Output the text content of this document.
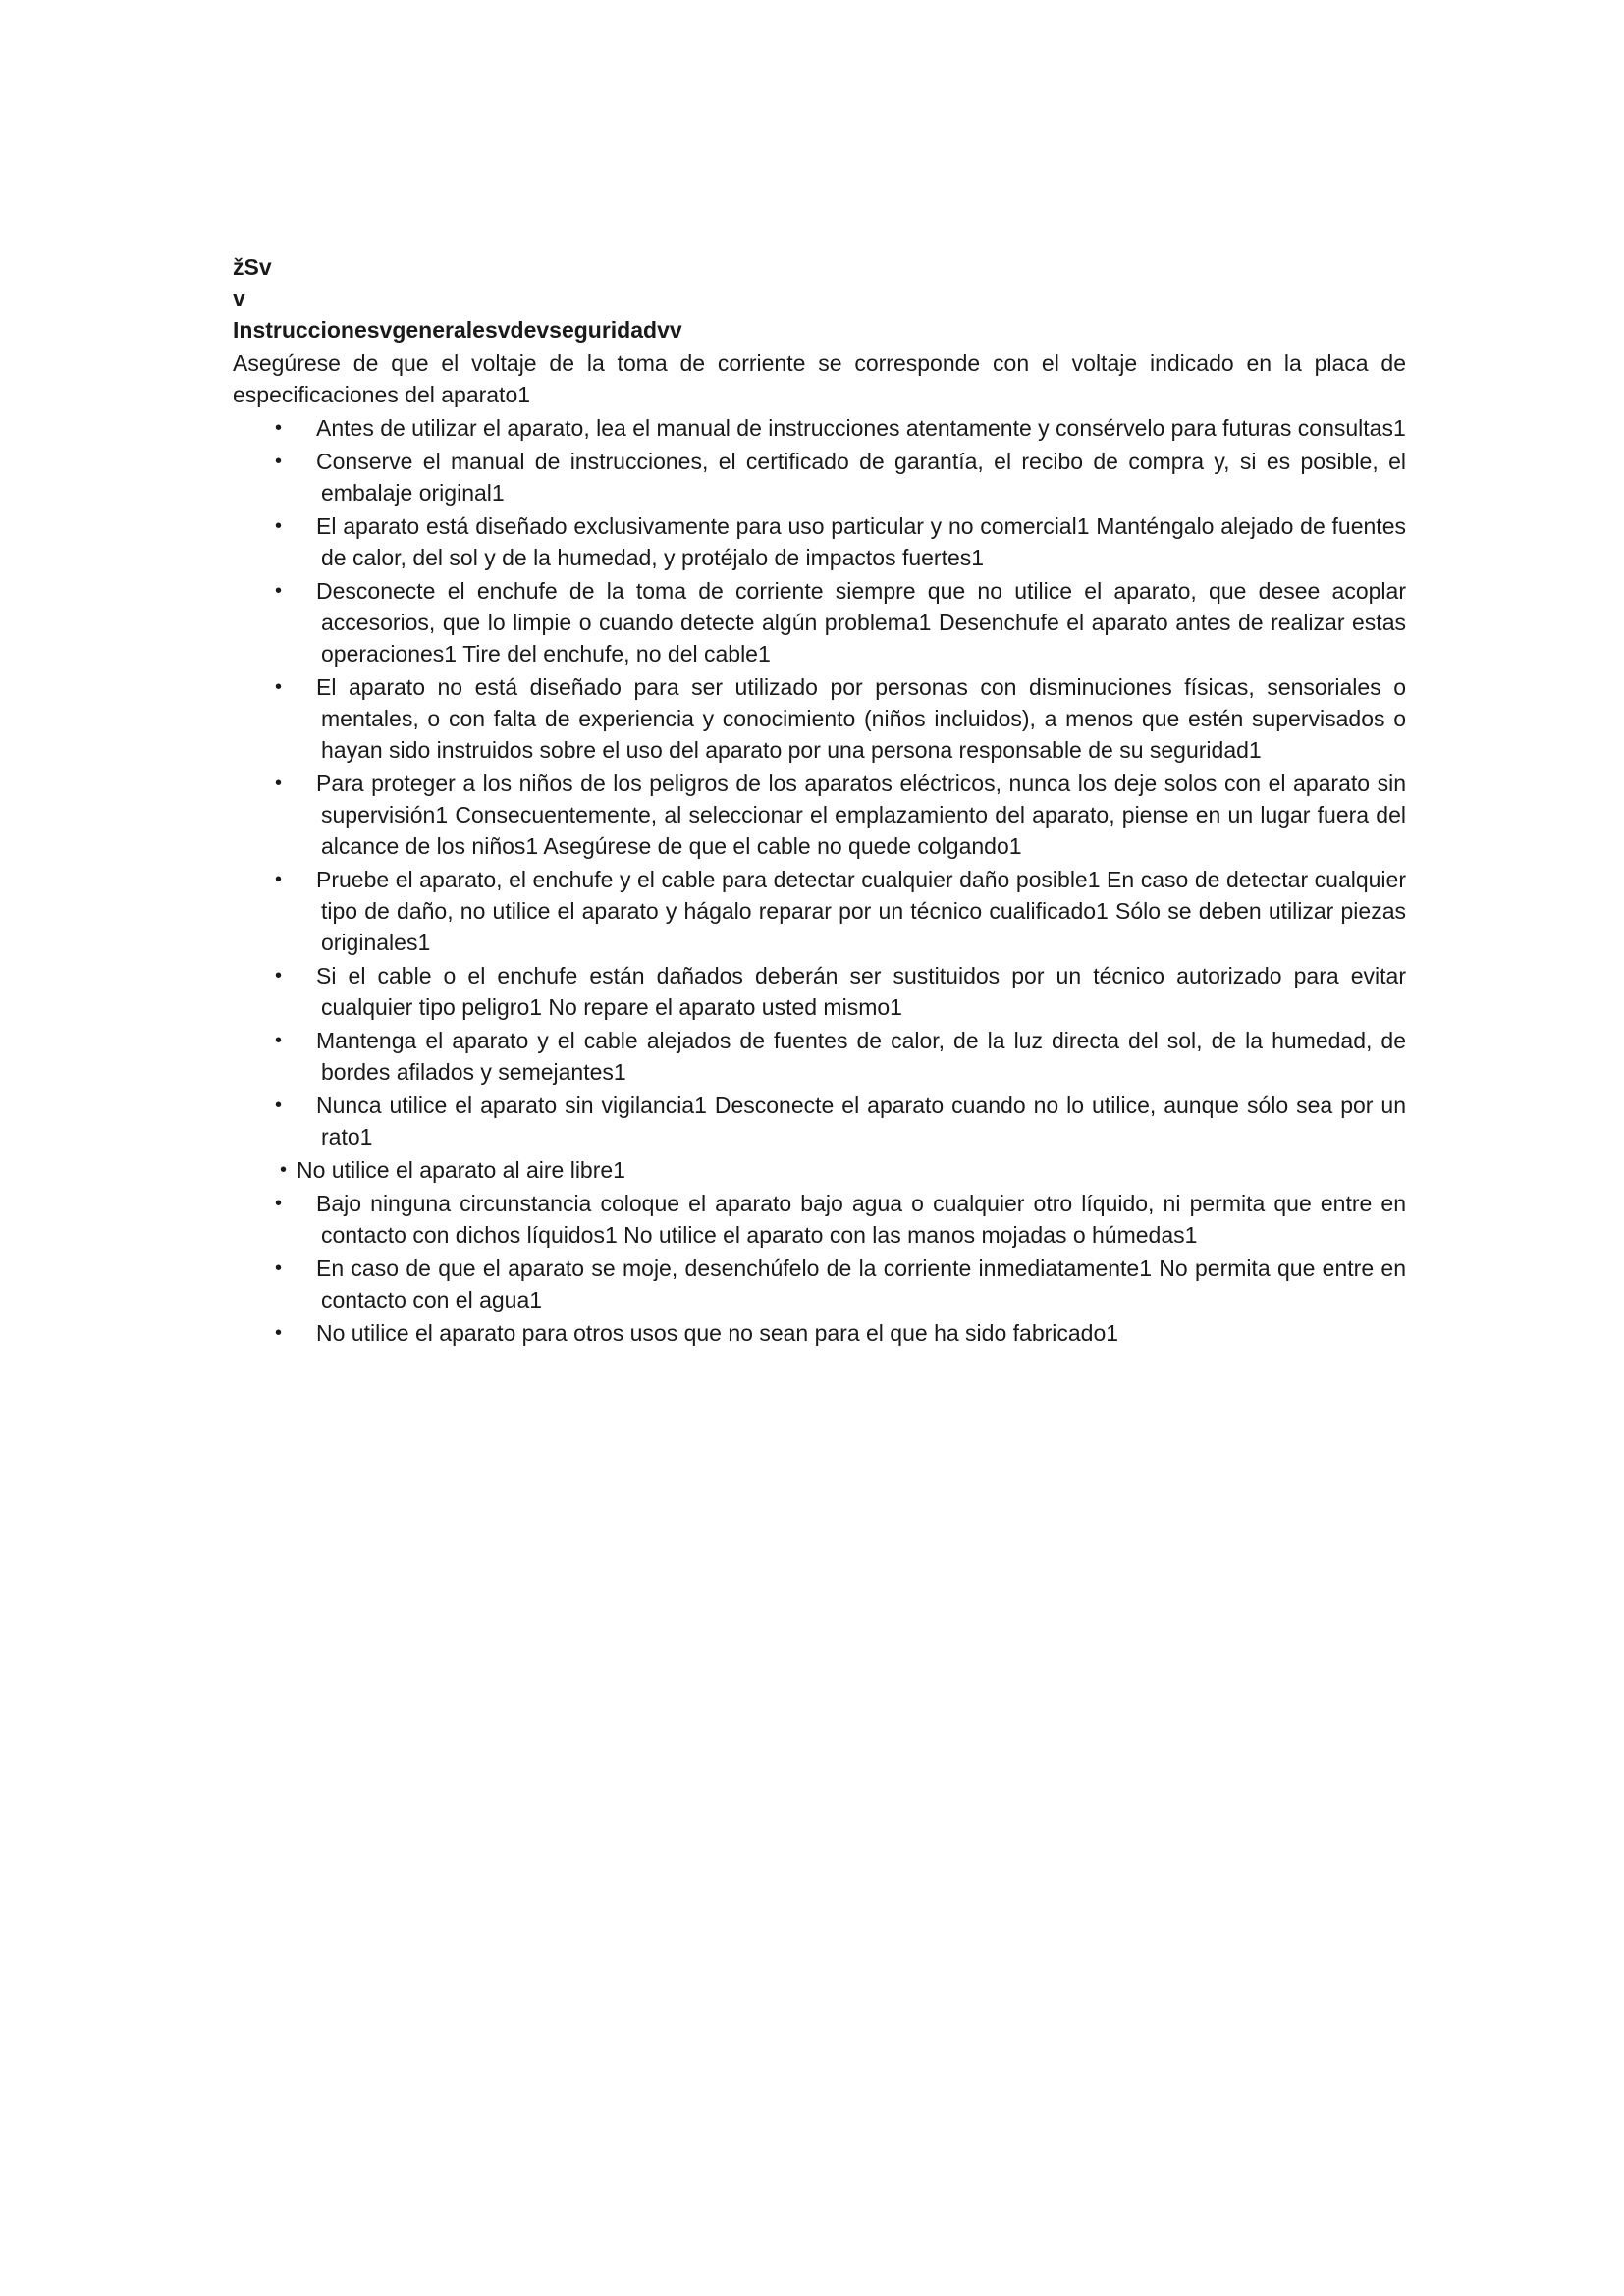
žSv

v

Instruccionesvgeneralesvdevseguridadvv

Asegúrese de que el voltaje de la toma de corriente se corresponde con el voltaje indicado en la placa de especificaciones del aparato1

• Antes de utilizar el aparato, lea el manual de instrucciones atentamente y consérvelo para futuras consultas1
• Conserve el manual de instrucciones, el certificado de garantía, el recibo de compra y, si es posible, el embalaje original1
• El aparato está diseñado exclusivamente para uso particular y no comercial1 Manténgalo alejado de fuentes de calor, del sol y de la humedad, y protéjalo de impactos fuertes1
• Desconecte el enchufe de la toma de corriente siempre que no utilice el aparato, que desee acoplar accesorios, que lo limpie o cuando detecte algún problema1 Desenchufe el aparato antes de realizar estas operaciones1 Tire del enchufe, no del cable1
• El aparato no está diseñado para ser utilizado por personas con disminuciones físicas, sensoriales o mentales, o con falta de experiencia y conocimiento (niños incluidos), a menos que estén supervisados o hayan sido instruidos sobre el uso del aparato por una persona responsable de su seguridad1
• Para proteger a los niños de los peligros de los aparatos eléctricos, nunca los deje solos con el aparato sin supervisión1 Consecuentemente, al seleccionar el emplazamiento del aparato, piense en un lugar fuera del alcance de los niños1 Asegúrese de que el cable no quede colgando1
• Pruebe el aparato, el enchufe y el cable para detectar cualquier daño posible1 En caso de detectar cualquier tipo de daño, no utilice el aparato y hágalo reparar por un técnico cualificado1 Sólo se deben utilizar piezas originales1
• Si el cable o el enchufe están dañados deberán ser sustituidos por un técnico autorizado para evitar cualquier tipo peligro1 No repare el aparato usted mismo1
• Mantenga el aparato y el cable alejados de fuentes de calor, de la luz directa del sol, de la humedad, de bordes afilados y semejantes1
• Nunca utilice el aparato sin vigilancia1 Desconecte el aparato cuando no lo utilice, aunque sólo sea por un rato1
• No utilice el aparato al aire libre1
• Bajo ninguna circunstancia coloque el aparato bajo agua o cualquier otro líquido, ni permita que entre en contacto con dichos líquidos1 No utilice el aparato con las manos mojadas o húmedas1
• En caso de que el aparato se moje, desenchúfelo de la corriente inmediatamente1 No permita que entre en contacto con el agua1
• No utilice el aparato para otros usos que no sean para el que ha sido fabricado1
